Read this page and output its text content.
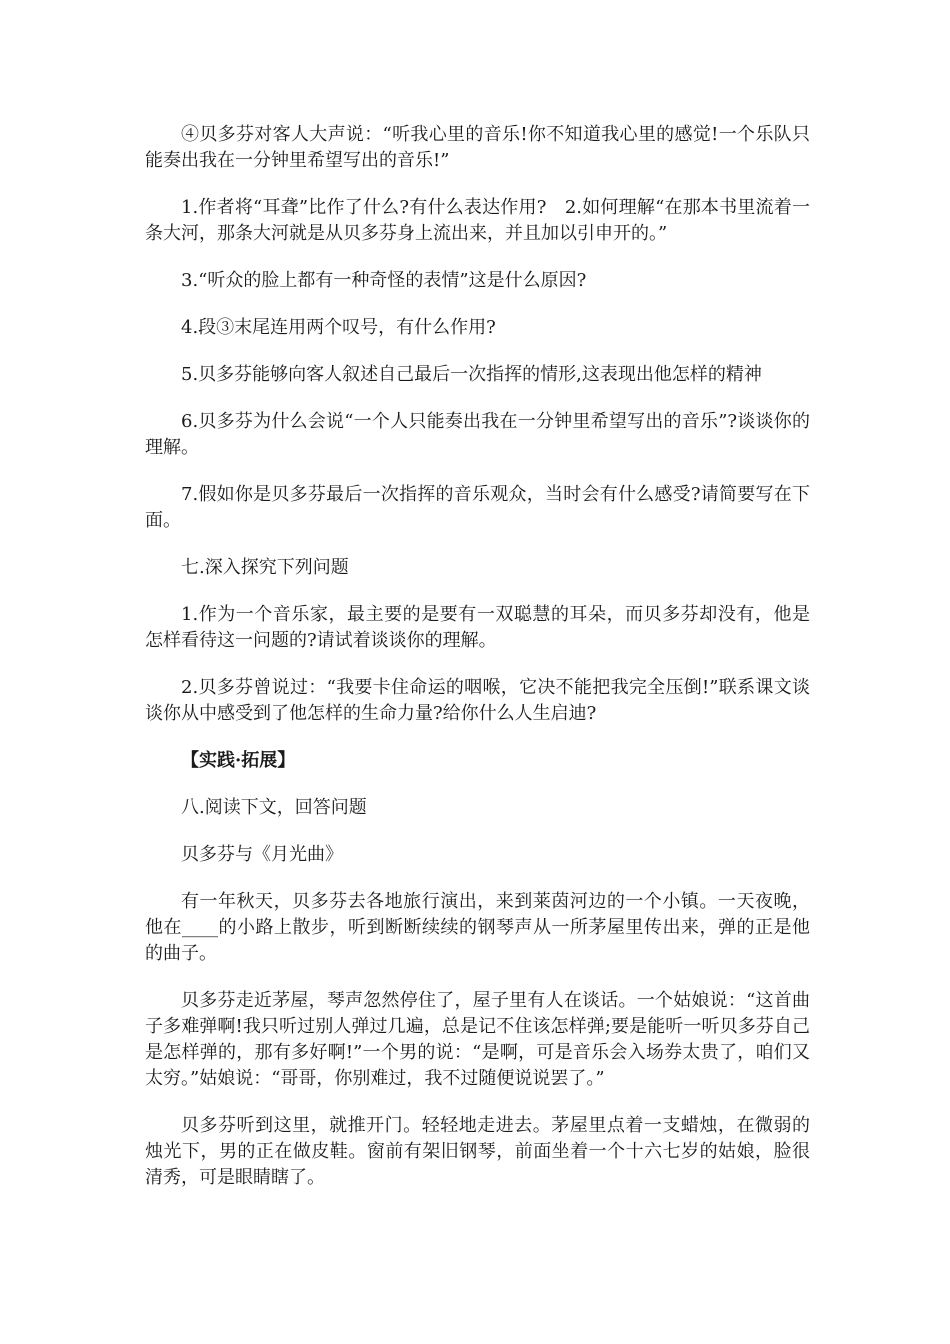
④贝多芬对客人大声说：“听我心里的音乐!你不知道我心里的感觉!一个乐队只能奏出我在一分钟里希望写出的音乐!”

1.作者将“耳聋”比作了什么?有什么表达作用?　2.如何理解“在那本书里流着一条大河，那条大河就是从贝多芬身上流出来，并且加以引申开的。”

3.“听众的脸上都有一种奇怪的表情”这是什么原因?

4.段③末尾连用两个叹号，有什么作用?

5.贝多芬能够向客人叙述自己最后一次指挥的情形,这表现出他怎样的精神

6.贝多芬为什么会说“一个人只能奏出我在一分钟里希望写出的音乐”?谈谈你的理解。

7.假如你是贝多芬最后一次指挥的音乐观众，当时会有什么感受?请简要写在下面。

七.深入探究下列问题

1.作为一个音乐家，最主要的是要有一双聪慧的耳朵，而贝多芬却没有，他是怎样看待这一问题的?请试着谈谈你的理解。

2.贝多芬曾说过：“我要卡住命运的咽喉，它决不能把我完全压倒!”联系课文谈谈你从中感受到了他怎样的生命力量?给你什么人生启迪?

【实践·拓展】

八.阅读下文，回答问题

贝多芬与《月光曲》

有一年秋天，贝多芬去各地旅行演出，来到莱茵河边的一个小镇。一天夜晚，他在____的小路上散步，听到断断续续的钢琴声从一所茅屋里传出来，弹的正是他的曲子。

贝多芬走近茅屋，琴声忽然停住了，屋子里有人在谈话。一个姑娘说：“这首曲子多难弹啊!我只听过别人弹过几遍，总是记不住该怎样弹;要是能听一听贝多芬自己是怎样弹的，那有多好啊!”一个男的说：“是啊，可是音乐会入场券太贵了，咱们又太穷。”姑娘说：“哥哥，你别难过，我不过随便说说罢了。”

贝多芬听到这里，就推开门。轻轻地走进去。茅屋里点着一支蜡烛，在微弱的烛光下，男的正在做皮鞋。窗前有架旧钢琴，前面坐着一个十六七岁的姑娘，脸很清秀，可是眼睛瞎了。
